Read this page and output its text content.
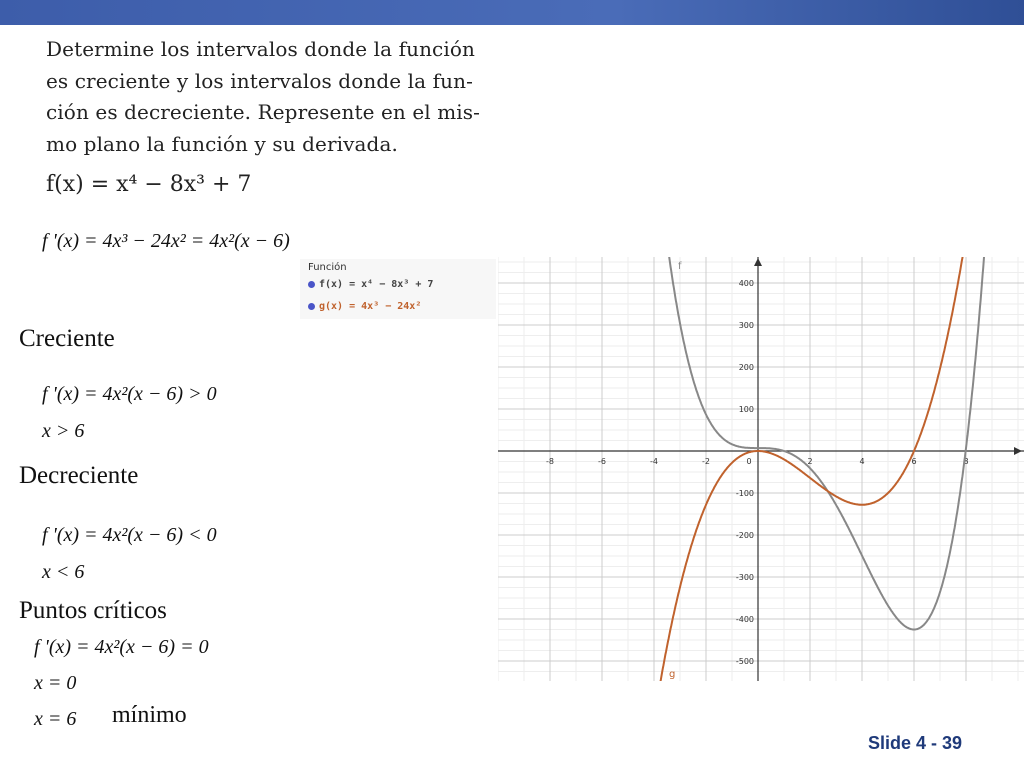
Determine los intervalos donde la función
es creciente y los intervalos donde la fun-
ción es decreciente. Represente en el mis-
mo plano la función y su derivada.
f(x) = x⁴ − 8x³ + 7
f '(x) = 4x³ − 24x² = 4x²(x − 6)
Creciente
f '(x) = 4x²(x − 6) > 0
x > 6
Decreciente
f '(x) = 4x²(x − 6) < 0
x < 6
Puntos críticos
f '(x) = 4x²(x − 6) = 0
x = 0
x = 6 mínimo
Función
f(x) = x⁴ − 8x³ + 7
g(x) = 4x³ − 24x²
-8	-6	-4	-2	0	2	4	6	8
-500
-400
-300
-200
-100
100
200
300
400
f
g
Slide 4 - 39
